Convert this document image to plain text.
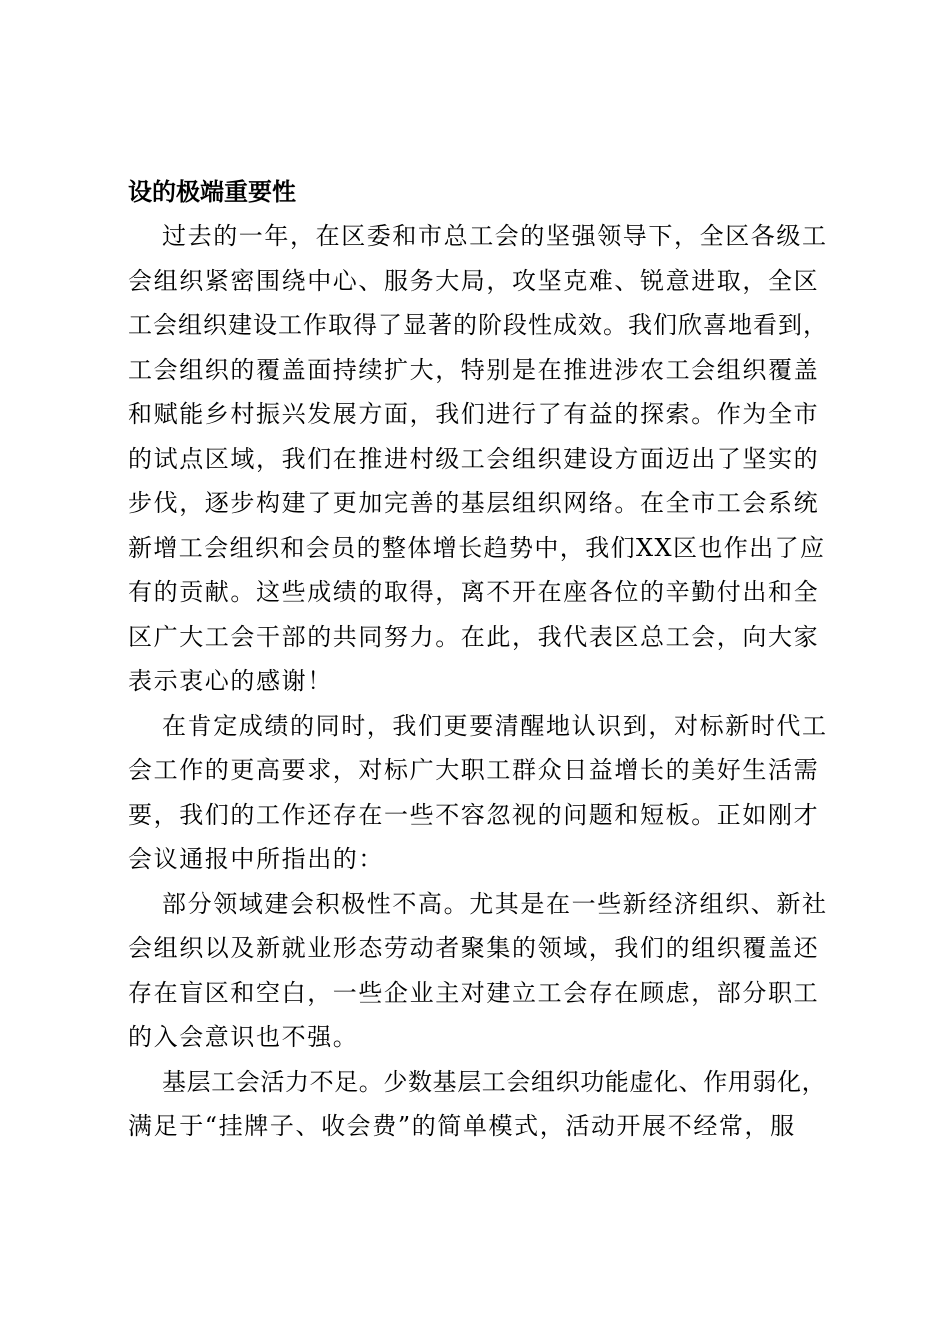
设的极端重要性
过去的一年，在区委和市总工会的坚强领导下，全区各级工
会组织紧密围绕中心、服务大局，攻坚克难、锐意进取，全区
工会组织建设工作取得了显著的阶段性成效。我们欣喜地看到，
工会组织的覆盖面持续扩大，特别是在推进涉农工会组织覆盖
和赋能乡村振兴发展方面，我们进行了有益的探索。作为全市
的试点区域，我们在推进村级工会组织建设方面迈出了坚实的
步伐，逐步构建了更加完善的基层组织网络。在全市工会系统
新增工会组织和会员的整体增长趋势中，我们XX区也作出了应
有的贡献。这些成绩的取得，离不开在座各位的辛勤付出和全
区广大工会干部的共同努力。在此，我代表区总工会，向大家
表示衷心的感谢！
在肯定成绩的同时，我们更要清醒地认识到，对标新时代工
会工作的更高要求，对标广大职工群众日益增长的美好生活需
要，我们的工作还存在一些不容忽视的问题和短板。正如刚才
会议通报中所指出的：
部分领域建会积极性不高。尤其是在一些新经济组织、新社
会组织以及新就业形态劳动者聚集的领域，我们的组织覆盖还
存在盲区和空白，一些企业主对建立工会存在顾虑，部分职工
的入会意识也不强。
基层工会活力不足。少数基层工会组织功能虚化、作用弱化，
满足于“挂牌子、收会费”的简单模式，活动开展不经常，服
